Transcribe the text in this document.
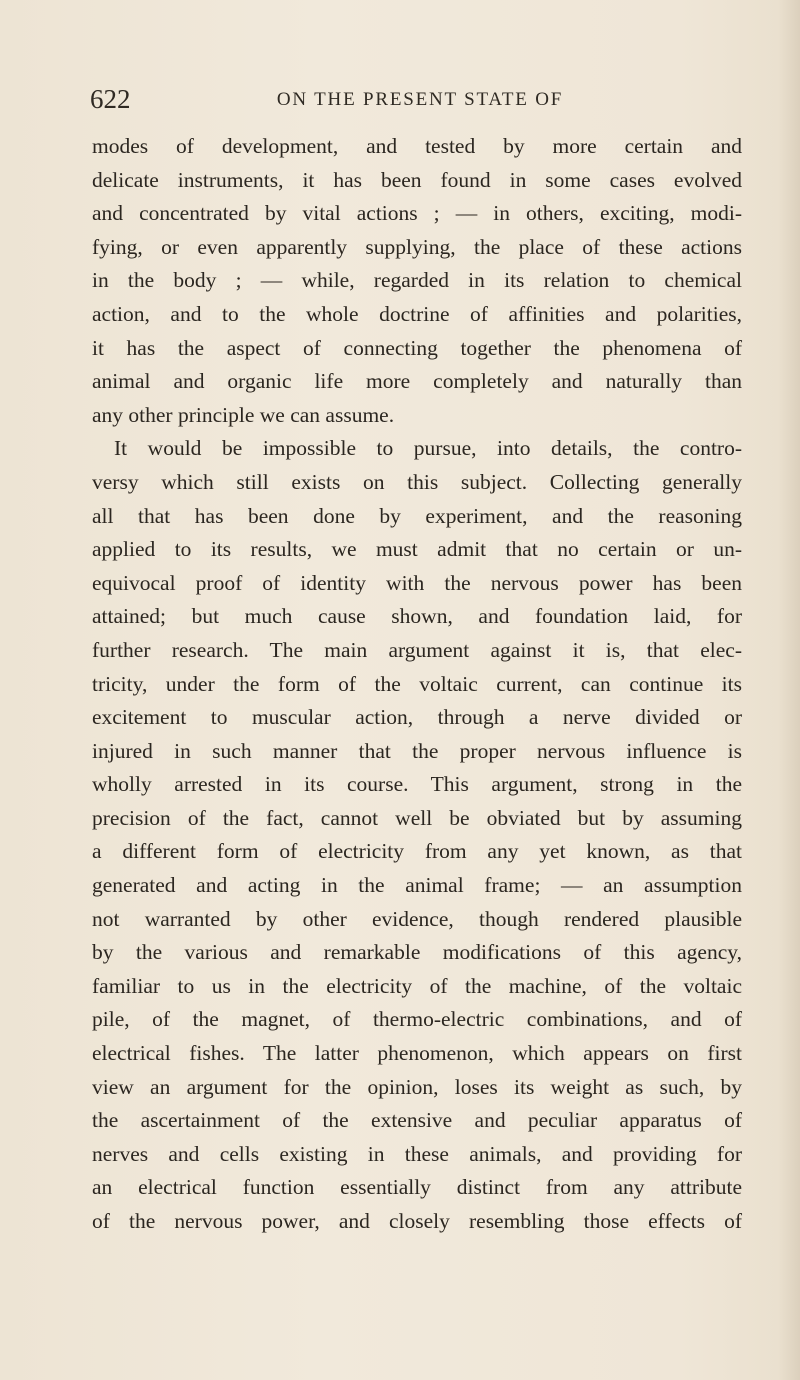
622	ON THE PRESENT STATE OF
modes of development, and tested by more certain and
delicate instruments, it has been found in some cases evolved
and concentrated by vital actions ; — in others, exciting, modi-
fying, or even apparently supplying, the place of these actions
in the body ; — while, regarded in its relation to chemical
action, and to the whole doctrine of affinities and polarities,
it has the aspect of connecting together the phenomena of
animal and organic life more completely and naturally than
any other principle we can assume.
It would be impossible to pursue, into details, the contro-
versy which still exists on this subject. Collecting generally
all that has been done by experiment, and the reasoning
applied to its results, we must admit that no certain or un-
equivocal proof of identity with the nervous power has been
attained; but much cause shown, and foundation laid, for
further research. The main argument against it is, that elec-
tricity, under the form of the voltaic current, can continue its
excitement to muscular action, through a nerve divided or
injured in such manner that the proper nervous influence is
wholly arrested in its course. This argument, strong in the
precision of the fact, cannot well be obviated but by assuming
a different form of electricity from any yet known, as that
generated and acting in the animal frame; — an assumption
not warranted by other evidence, though rendered plausible
by the various and remarkable modifications of this agency,
familiar to us in the electricity of the machine, of the voltaic
pile, of the magnet, of thermo-electric combinations, and of
electrical fishes. The latter phenomenon, which appears on first
view an argument for the opinion, loses its weight as such, by
the ascertainment of the extensive and peculiar apparatus of
nerves and cells existing in these animals, and providing for
an electrical function essentially distinct from any attribute
of the nervous power, and closely resembling those effects of
